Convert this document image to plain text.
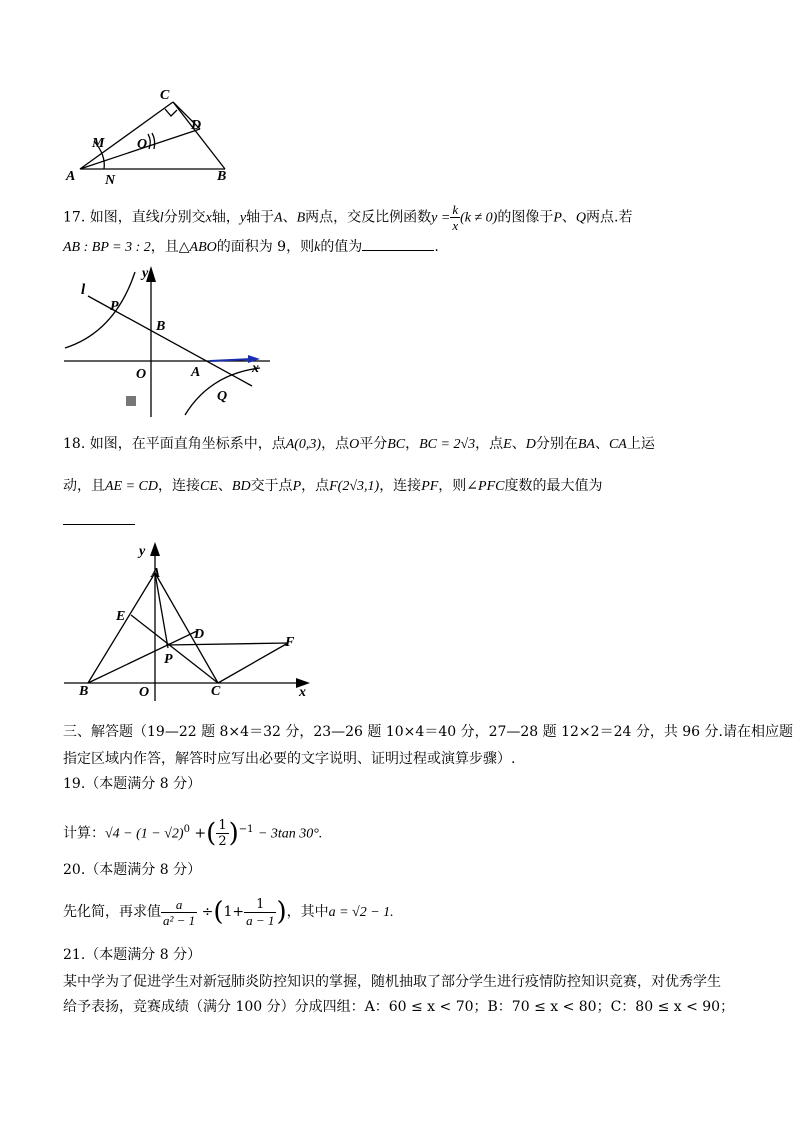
C
D
M O
A N	B
17. 如图，直线l分别交x轴，y轴于A、B两点，交反比例函数$y = \frac{k}{x} (k \ne 0)$的图像于P、Q两点.若
AB : BP = 3 : 2，且△ABO的面积为 9，则k的值为	.
y
l
P
B
O	A	x
Q
18. 如图，在平面直角坐标系中，点A(0,3)，点O平分BC，BC = 2√3，点E、D分别在BA、CA上运
动，且AE = CD，连接CE、BD交于点P，点F(2√3,1)，连接PF，则∠PFC度数的最大值为
y
A
E
D
F
P
B	O	C	x
三、解答题（19—22 题 8×4＝32 分，23—26 题 10×4＝40 分，27—28 题 12×2＝24 分，共 96 分.请在相应题
指定区域内作答，解答时应写出必要的文字说明、证明过程或演算步骤）.
19.（本题满分 8 分）
计算：$√4 - (1 - √2)^0$ +( $\frac{1}{2} )^{-1} - 3\tan$ 30°.
20.（本题满分 8 分）
先化简，再求值 $\frac{a}{\text{a² − 1}} \div(1+ \frac{1}{a - 1}$ )，其中a = √2 − 1.
21.（本题满分 8 分）
某中学为了促进学生对新冠肺炎防控知识的掌握，随机抽取了部分学生进行疫情防控知识竞赛，对优秀学生
给予表扬，竞赛成绩（满分 100 分）分成四组：A：60 ≤ x < 70；B：70 ≤ x < 80；C：80 ≤ x < 90；
